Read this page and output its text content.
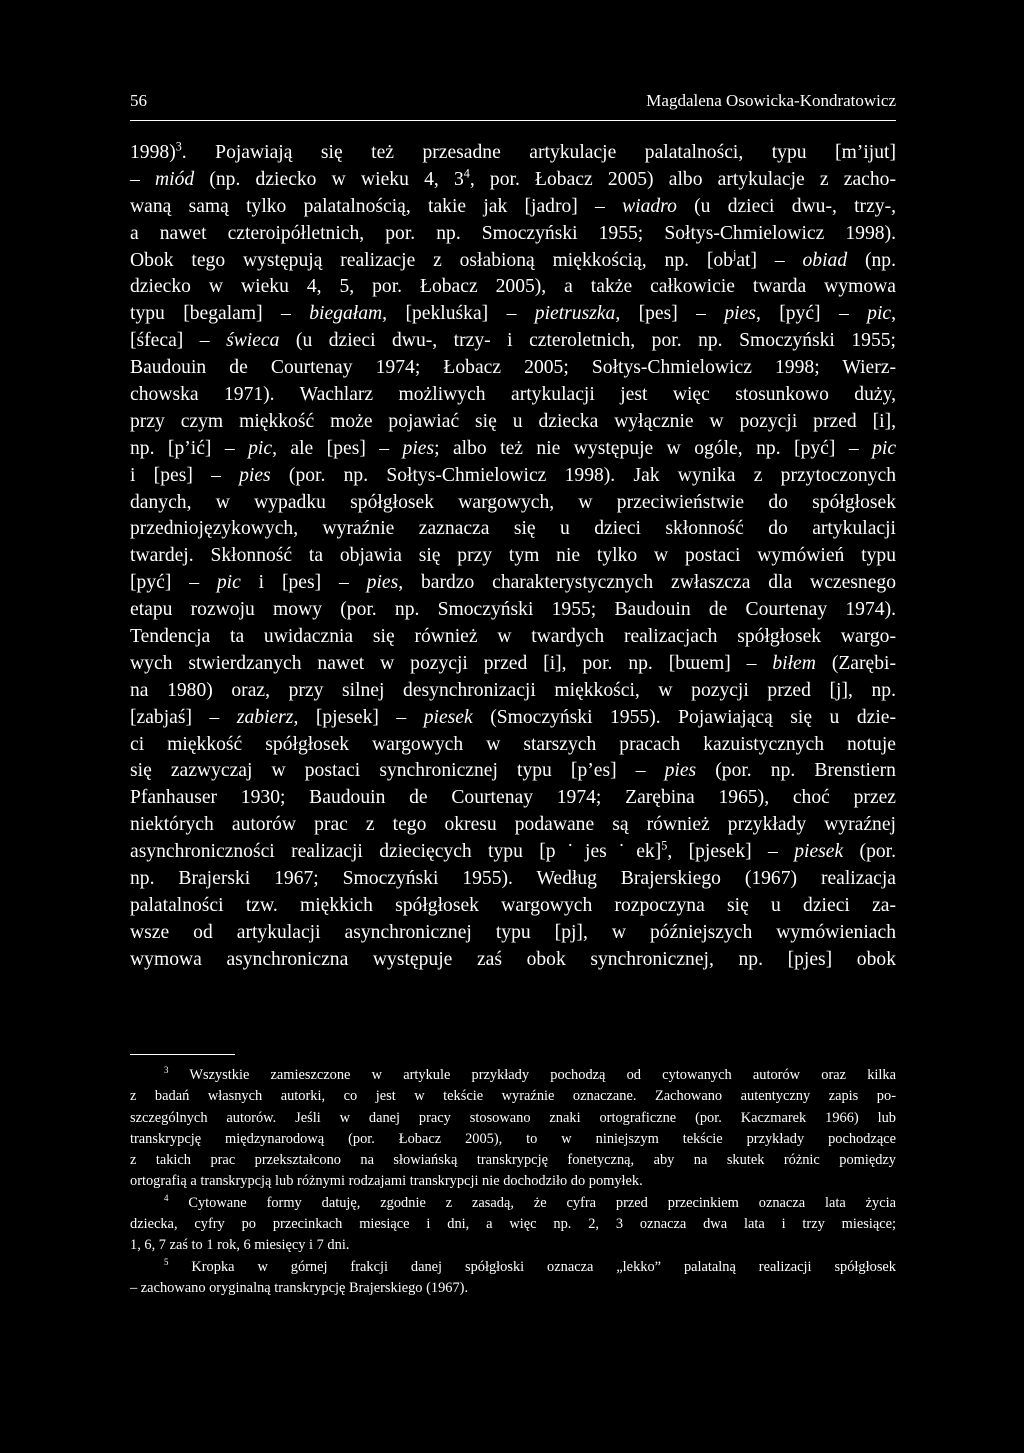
56	Magdalena Osowicka-Kondratowicz
1998)$^3$. Pojawiają się też przesadne artykulacje palatalności, typu [m’ijut]
– miód (np. dziecko w wieku 4, $3^4$, por. Łobacz 2005) albo artykulacje z zacho-
waną samą tylko palatalnością, takie jak [jadro] – wiadro (u dzieci dwu-, trzy-,
a nawet czteroipółletnich, por. np. Smoczyński 1955; Sołtys-Chmielowicz 1998).
Obok tego występują realizacje z osłabioną miękkością, np. $[ob^jat]$ – obiad (np.
dziecko w wieku 4, 5, por. Łobacz 2005), a także całkowicie twarda wymowa
typu [begalam] – biegałam, [pekluśka] – pietruszka, [pes] – pies, [pyć] – pic,
[śfeca] – świeca (u dzieci dwu-, trzy- i czteroletnich, por. np. Smoczyński 1955;
Baudouin de Courtenay 1974; Łobacz 2005; Sołtys-Chmielowicz 1998; Wierz-
chowska 1971). Wachlarz możliwych artykulacji jest więc stosunkowo duży,
przy czym miękkość może pojawiać się u dziecka wyłącznie w pozycji przed [i],
np. [p’ić] – pic, ale [pes] – pies; albo też nie występuje w ogóle, np. [pyć] – pic
i [pes] – pies (por. np. Sołtys-Chmielowicz 1998). Jak wynika z przytoczonych
danych, w wypadku spółgłosek wargowych, w przeciwieństwie do spółgłosek
przedniojęzykowych, wyraźnie zaznacza się u dzieci skłonność do artykulacji
twardej. Skłonność ta objawia się przy tym nie tylko w postaci wymówień typu
[pyć] – pic i [pes] – pies, bardzo charakterystycznych zwłaszcza dla wczesnego
etapu rozwoju mowy (por. np. Smoczyński 1955; Baudouin de Courtenay 1974).
Tendencja ta uwidacznia się również w twardych realizacjach spółgłosek wargo-
wych stwierdzanych nawet w pozycji przed [i], por. np. [bɯem] – biłem (Zarębi-
na 1980) oraz, przy silnej desynchronizacji miękkości, w pozycji przed [j], np.
[zabjaś] – zabierz, [pjesek] – piesek (Smoczyński 1955). Pojawiającą się u dzie-
ci miękkość spółgłosek wargowych w starszych pracach kazuistycznych notuje
się zazwyczaj w postaci synchronicznej typu [p’es] – pies (por. np. Brenstiern
Pfanhauser 1930; Baudouin de Courtenay 1974; Zarębina 1965), choć przez
niektórych autorów prac z tego okresu podawane są również przykłady wyraźnej
asynchroniczności realizacji dziecięcych typu [p˙jes˙ek]$^5$, [pjesek] – piesek (por.
np. Brajerski 1967; Smoczyński 1955). Według Brajerskiego (1967) realizacja
palatalności tzw. miękkich spółgłosek wargowych rozpoczyna się u dzieci za-
wsze od artykulacji asynchronicznej typu [pj], w późniejszych wymówieniach
wymowa asynchroniczna występuje zaś obok synchronicznej, np. [pjes] obok
$^3$ Wszystkie zamieszczone w artykule przykłady pochodzą od cytowanych autorów oraz kilka
z badań własnych autorki, co jest w tekście wyraźnie oznaczane. Zachowano autentyczny zapis po-
szczególnych autorów. Jeśli w danej pracy stosowano znaki ortograficzne (por. Kaczmarek 1966) lub
transkrypcję międzynarodową (por. Łobacz 2005), to w niniejszym tekście przykłady pochodzące
z takich prac przekształcono na słowiańską transkrypcję fonetyczną, aby na skutek różnic pomiędzy
ortografią a transkrypcją lub różnymi rodzajami transkrypcji nie dochodziło do pomyłek.
$^4$ Cytowane formy datuję, zgodnie z zasadą, że cyfra przed przecinkiem oznacza lata życia
dziecka, cyfry po przecinkach miesiące i dni, a więc np. 2, 3 oznacza dwa lata i trzy miesiące;
1, 6, 7 zaś to 1 rok, 6 miesięcy i 7 dni.
$^5$ Kropka w górnej frakcji danej spółgłoski oznacza „lekko” palatalną realizacji spółgłosek
– zachowano oryginalną transkrypcję Brajerskiego (1967).
